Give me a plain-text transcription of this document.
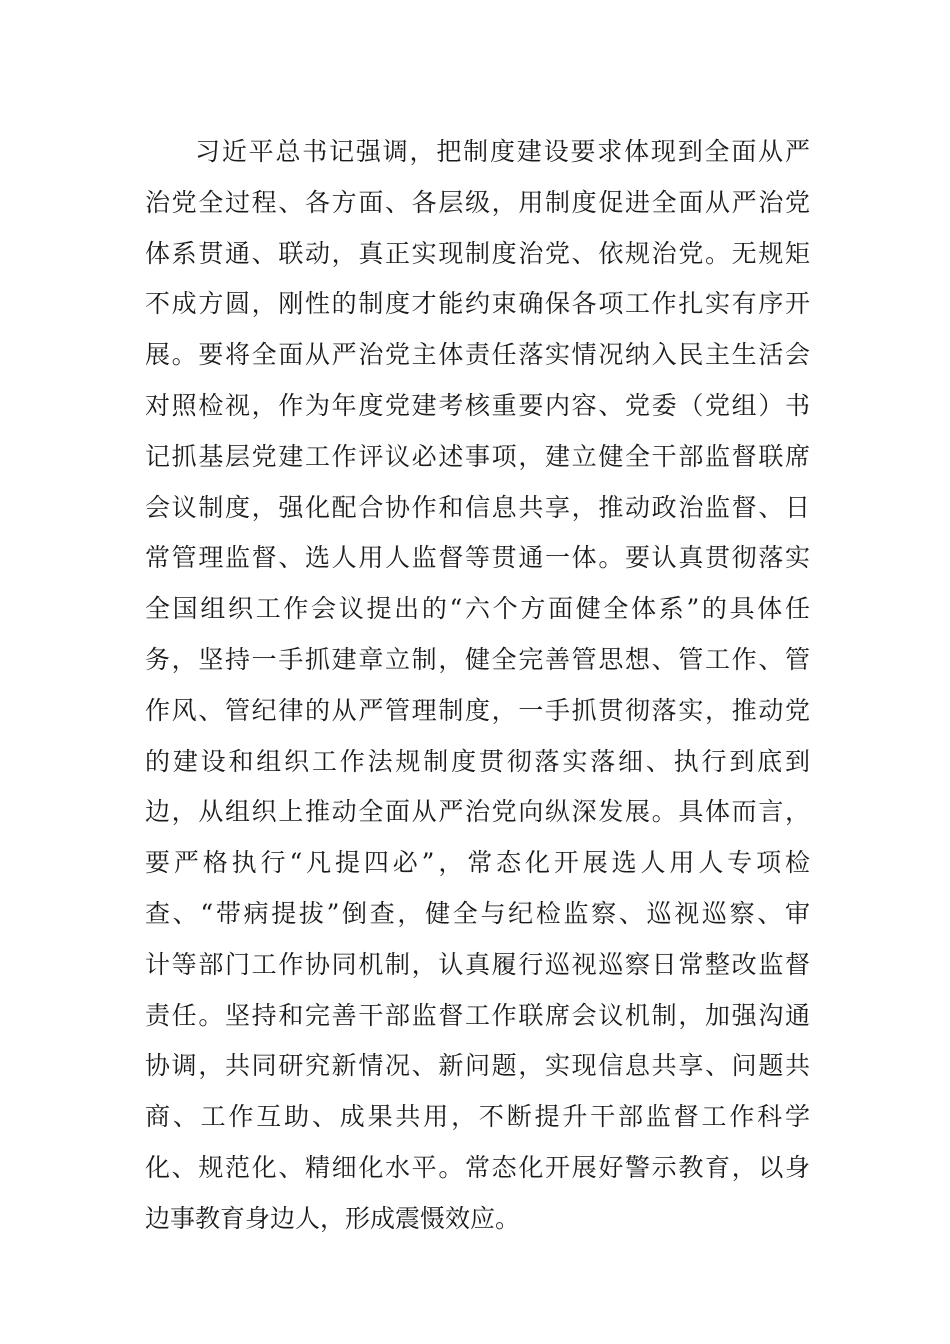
习近平总书记强调，把制度建设要求体现到全面从严
治党全过程、各方面、各层级，用制度促进全面从严治党
体系贯通、联动，真正实现制度治党、依规治党。无规矩
不成方圆，刚性的制度才能约束确保各项工作扎实有序开
展。要将全面从严治党主体责任落实情况纳入民主生活会
对照检视，作为年度党建考核重要内容、党委（党组）书
记抓基层党建工作评议必述事项，建立健全干部监督联席
会议制度，强化配合协作和信息共享，推动政治监督、日
常管理监督、选人用人监督等贯通一体。要认真贯彻落实
全国组织工作会议提出的“六个方面健全体系”的具体任
务，坚持一手抓建章立制，健全完善管思想、管工作、管
作风、管纪律的从严管理制度，一手抓贯彻落实，推动党
的建设和组织工作法规制度贯彻落实落细、执行到底到
边，从组织上推动全面从严治党向纵深发展。具体而言，
要严格执行“凡提四必”，常态化开展选人用人专项检
查、“带病提拔”倒查，健全与纪检监察、巡视巡察、审
计等部门工作协同机制，认真履行巡视巡察日常整改监督
责任。坚持和完善干部监督工作联席会议机制，加强沟通
协调，共同研究新情况、新问题，实现信息共享、问题共
商、工作互助、成果共用，不断提升干部监督工作科学
化、规范化、精细化水平。常态化开展好警示教育，以身
边事教育身边人，形成震慑效应。
